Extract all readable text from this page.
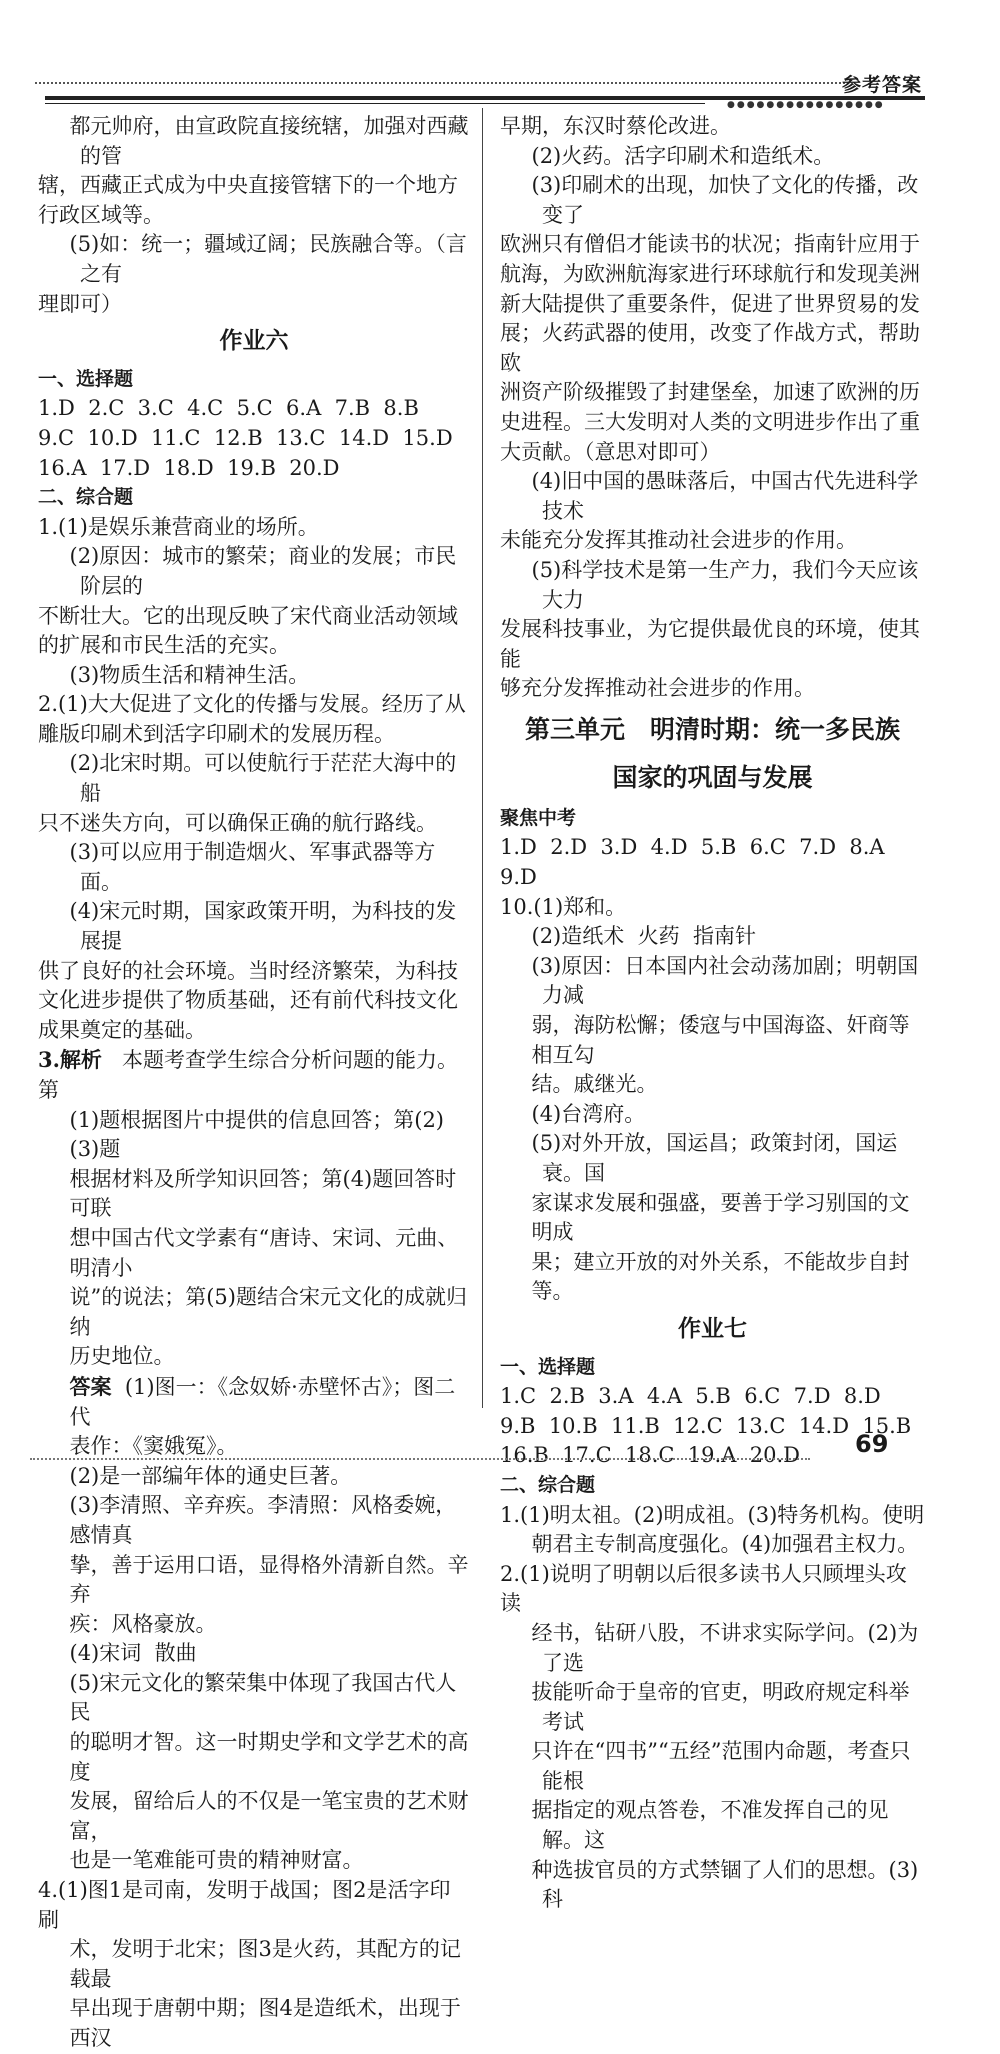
参考答案
●●●●●●●●●●●●●●●●

都元帅府，由宣政院直接统辖，加强对西藏的管

辖，西藏正式成为中央直接管辖下的一个地方

行政区域等。

(5)如：统一；疆域辽阔；民族融合等。（言之有

理即可）

作业六

一、选择题

1.D  2.C  3.C  4.C  5.C  6.A  7.B  8.B

9.C  10.D  11.C  12.B  13.C  14.D  15.D

16.A  17.D  18.D  19.B  20.D

二、综合题

1.(1)是娱乐兼营商业的场所。

(2)原因：城市的繁荣；商业的发展；市民阶层的

不断壮大。它的出现反映了宋代商业活动领域

的扩展和市民生活的充实。

(3)物质生活和精神生活。

2.(1)大大促进了文化的传播与发展。经历了从

雕版印刷术到活字印刷术的发展历程。

(2)北宋时期。可以使航行于茫茫大海中的船

只不迷失方向，可以确保正确的航行路线。

(3)可以应用于制造烟火、军事武器等方面。

(4)宋元时期，国家政策开明，为科技的发展提

供了良好的社会环境。当时经济繁荣，为科技

文化进步提供了物质基础，还有前代科技文化

成果奠定的基础。

3.解析   本题考查学生综合分析问题的能力。第

(1)题根据图片中提供的信息回答；第(2)(3)题

根据材料及所学知识回答；第(4)题回答时可联

想中国古代文学素有“唐诗、宋词、元曲、明清小

说”的说法；第(5)题结合宋元文化的成就归纳

历史地位。

答案  (1)图一：《念奴娇·赤壁怀古》；图二代

表作：《窦娥冤》。

(2)是一部编年体的通史巨著。

(3)李清照、辛弃疾。李清照：风格委婉，感情真

挚，善于运用口语，显得格外清新自然。辛弃

疾：风格豪放。

(4)宋词  散曲

(5)宋元文化的繁荣集中体现了我国古代人民

的聪明才智。这一时期史学和文学艺术的高度

发展，留给后人的不仅是一笔宝贵的艺术财富，

也是一笔难能可贵的精神财富。

4.(1)图1是司南，发明于战国；图2是活字印刷

术，发明于北宋；图3是火药，其配方的记载最

早出现于唐朝中期；图4是造纸术，出现于西汉

早期，东汉时蔡伦改进。

(2)火药。活字印刷术和造纸术。

(3)印刷术的出现，加快了文化的传播，改变了

欧洲只有僧侣才能读书的状况；指南针应用于

航海，为欧洲航海家进行环球航行和发现美洲

新大陆提供了重要条件，促进了世界贸易的发

展；火药武器的使用，改变了作战方式，帮助欧

洲资产阶级摧毁了封建堡垒，加速了欧洲的历

史进程。三大发明对人类的文明进步作出了重

大贡献。（意思对即可）

(4)旧中国的愚昧落后，中国古代先进科学技术

未能充分发挥其推动社会进步的作用。

(5)科学技术是第一生产力，我们今天应该大力

发展科技事业，为它提供最优良的环境，使其能

够充分发挥推动社会进步的作用。

第三单元　明清时期：统一多民族
国家的巩固与发展

聚焦中考

1.D  2.D  3.D  4.D  5.B  6.C  7.D  8.A

9.D

10.(1)郑和。

(2)造纸术  火药  指南针

(3)原因：日本国内社会动荡加剧；明朝国力减

弱，海防松懈；倭寇与中国海盗、奸商等相互勾

结。戚继光。

(4)台湾府。

(5)对外开放，国运昌；政策封闭，国运衰。国

家谋求发展和强盛，要善于学习别国的文明成

果；建立开放的对外关系，不能故步自封等。

作业七

一、选择题

1.C  2.B  3.A  4.A  5.B  6.C  7.D  8.D

9.B  10.B  11.B  12.C  13.C  14.D  15.B

16.B  17.C  18.C  19.A  20.D

二、综合题

1.(1)明太祖。(2)明成祖。(3)特务机构。使明

朝君主专制高度强化。(4)加强君主权力。

2.(1)说明了明朝以后很多读书人只顾埋头攻读

经书，钻研八股，不讲求实际学问。(2)为了选

拔能听命于皇帝的官吏，明政府规定科举考试

只许在“四书”“五经”范围内命题，考查只能根

据指定的观点答卷，不准发挥自己的见解。这

种选拔官员的方式禁锢了人们的思想。(3)科

69
